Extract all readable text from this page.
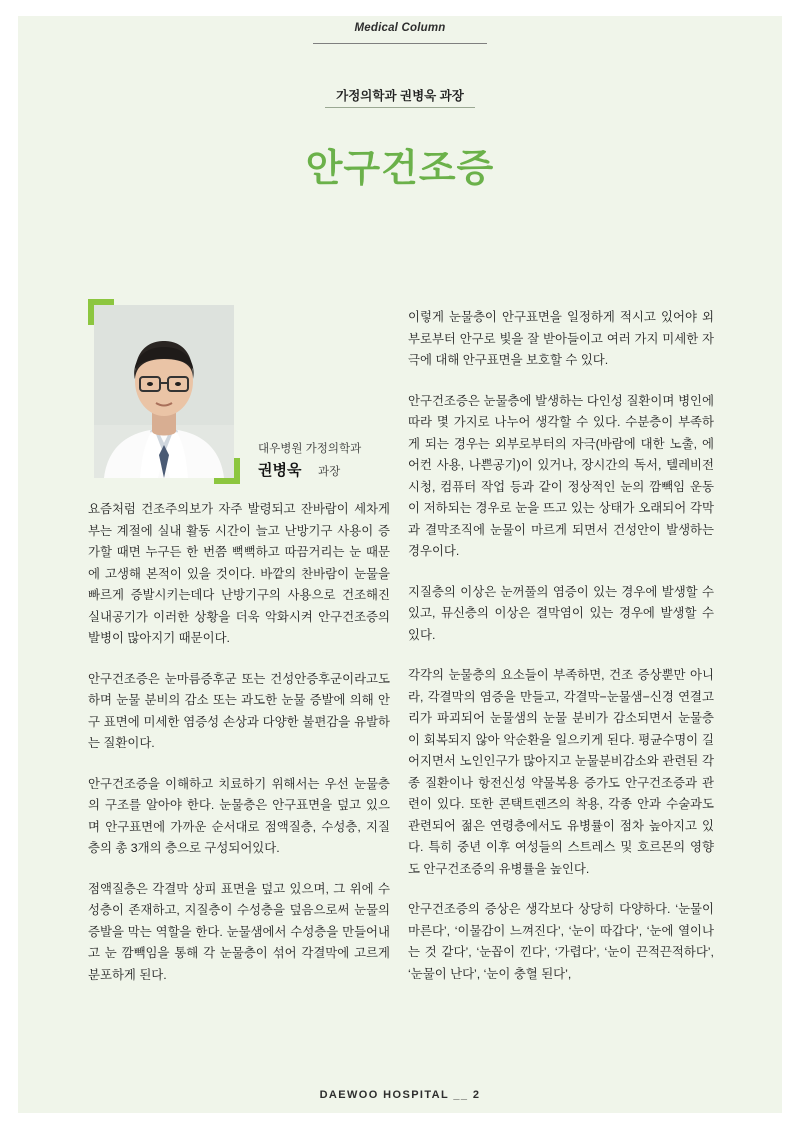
Medical Column
가정의학과 권병욱 과장
안구건조증
대우병원 가정의학과
권병욱 과장

요즘처럼 건조주의보가 자주 발령되고 잔바람이 세차게 부는 계절에 실내 활동 시간이 늘고 난방기구 사용이 증가할 때면 누구든 한 번쯤 뻑뻑하고 따끔거리는 눈 때문에 고생해 본적이 있을 것이다. 바깥의 찬바람이 눈물을 빠르게 증발시키는데다 난방기구의 사용으로 건조해진 실내공기가 이러한 상황을 더욱 악화시켜 안구건조증의 발병이 많아지기 때문이다.

안구건조증은 눈마름증후군 또는 건성안증후군이라고도 하며 눈물 분비의 감소 또는 과도한 눈물 증발에 의해 안구 표면에 미세한 염증성 손상과 다양한 불편감을 유발하는 질환이다.

안구건조증을 이해하고 치료하기 위해서는 우선 눈물층의 구조를 알아야 한다. 눈물층은 안구표면을 덮고 있으며 안구표면에 가까운 순서대로 점액질층, 수성층, 지질층의 총 3개의 층으로 구성되어있다.

점액질층은 각결막 상피 표면을 덮고 있으며, 그 위에 수성층이 존재하고, 지질층이 수성층을 덮음으로써 눈물의 증발을 막는 역할을 한다. 눈물샘에서 수성층을 만들어내고 눈 깜빽임을 통해 각 눈물층이 섞어 각결막에 고르게 분포하게 된다.

이렇게 눈물층이 안구표면을 일정하게 적시고 있어야 외부로부터 안구로 빛을 잘 받아들이고 여러 가지 미세한 자극에 대해 안구표면을 보호할 수 있다.

안구건조증은 눈물층에 발생하는 다인성 질환이며 병인에 따라 몇 가지로 나누어 생각할 수 있다. 수분층이 부족하게 되는 경우는 외부로부터의 자극(바람에 대한 노출, 에어컨 사용, 나쁜공기)이 있거나, 장시간의 독서, 텔레비전 시청, 컴퓨터 작업 등과 같이 정상적인 눈의 깜빽임 운동이 저하되는 경우로 눈을 뜨고 있는 상태가 오래되어 각막과 결막조직에 눈물이 마르게 되면서 건성안이 발생하는 경우이다.

지질층의 이상은 눈꺼풀의 염증이 있는 경우에 발생할 수 있고, 뮤신층의 이상은 결막염이 있는 경우에 발생할 수 있다.

각각의 눈물층의 요소들이 부족하면, 건조 증상뿐만 아니라, 각결막의 염증을 만들고, 각결막−눈물샘−신경 연결고리가 파괴되어 눈물샘의 눈물 분비가 감소되면서 눈물층이 회복되지 않아 악순환을 일으키게 된다. 평균수명이 길어지면서 노인인구가 많아지고 눈물분비감소와 관련된 각종 질환이나 항전신성 약물복용 증가도 안구건조증과 관련이 있다. 또한 콘택트렌즈의 착용, 각종 안과 수술과도 관련되어 젊은 연령층에서도 유병률이 점차 높아지고 있다. 특히 중년 이후 여성들의 스트레스 및 호르몬의 영향도 안구건조증의 유병률을 높인다.

안구건조증의 증상은 생각보다 상당히 다양하다. ‘눈물이 마른다’, ‘이물감이 느껴진다’, ‘눈이 따갑다’, ‘눈에 열이나는 것 같다’, ‘눈꼽이 낀다’, ‘가렵다’, ‘눈이 끈적끈적하다’, ‘눈물이 난다’, ‘눈이 충혈 된다’,

DAEWOO HOSPITAL __ 2
